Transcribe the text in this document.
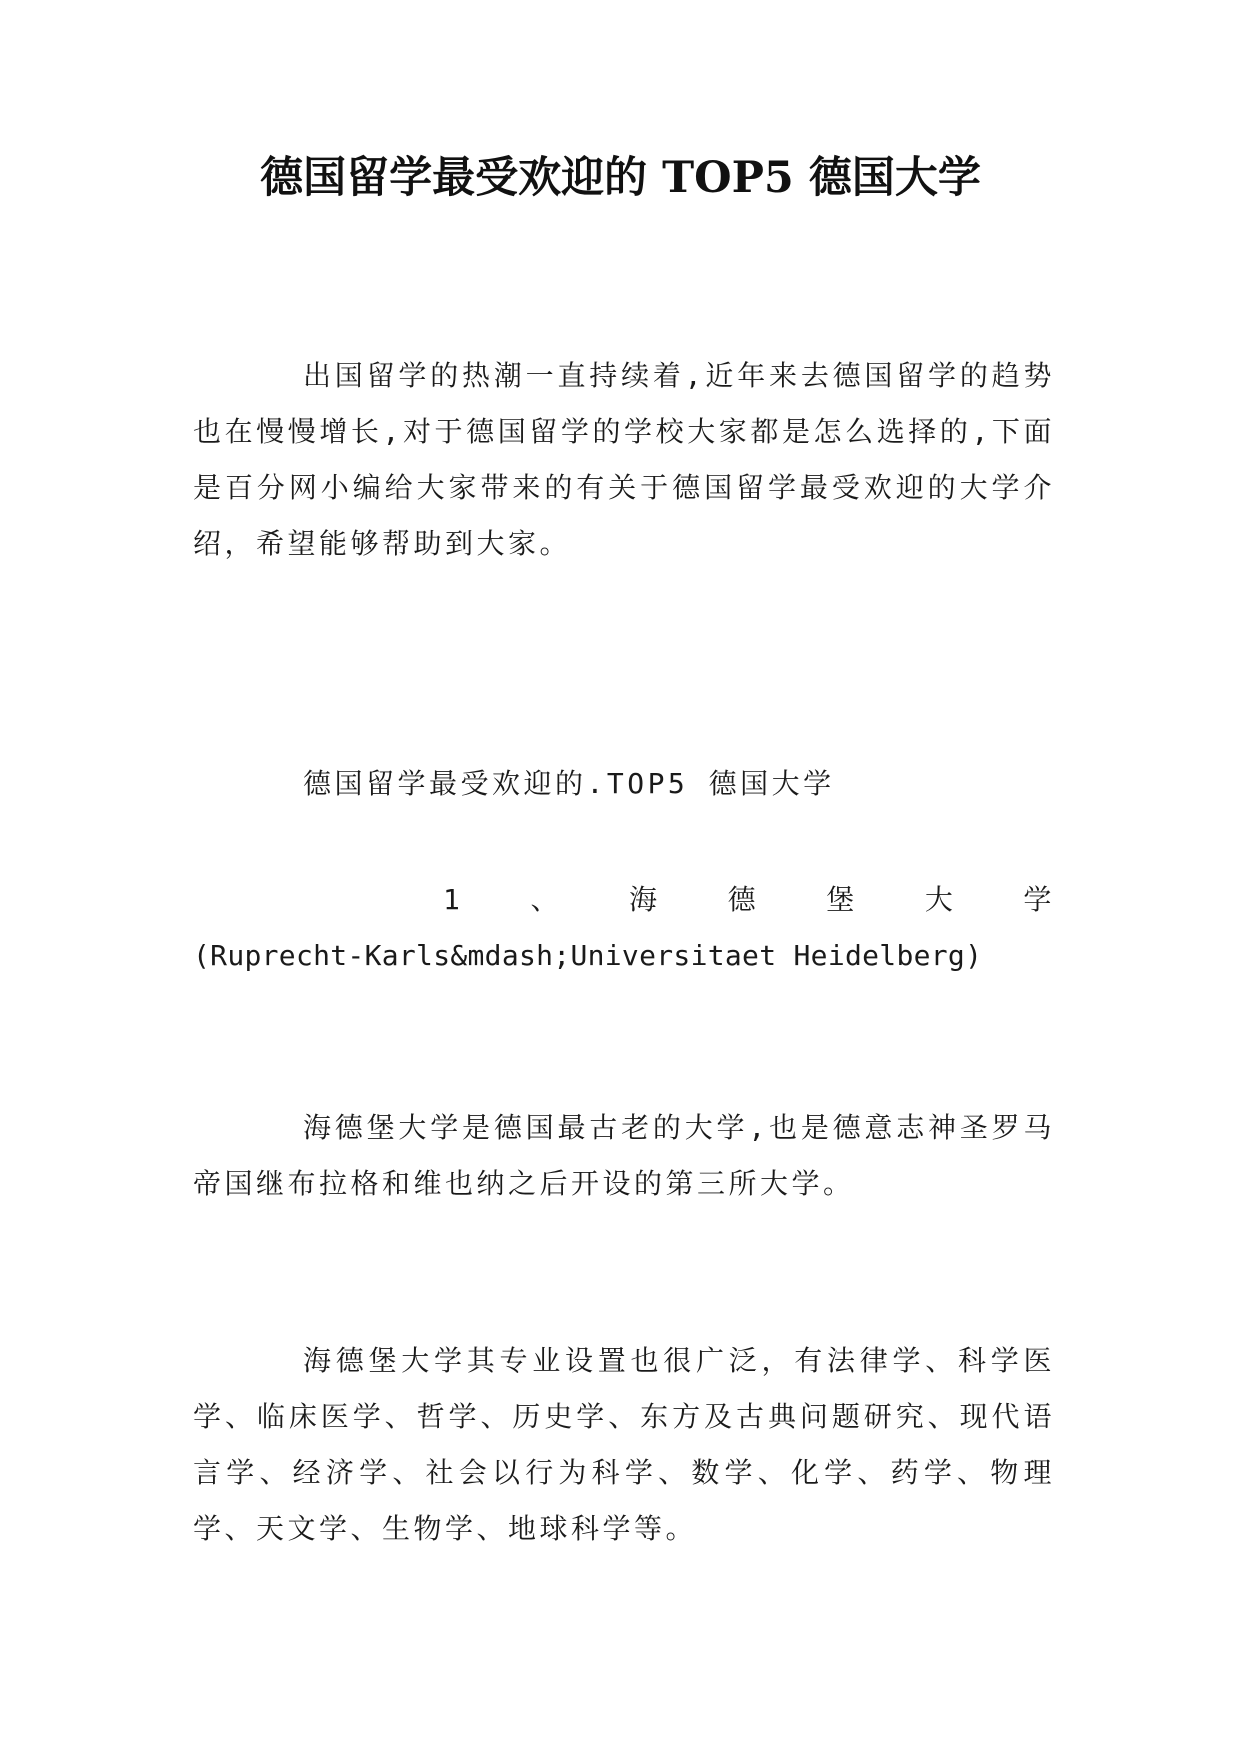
德国留学最受欢迎的 TOP5 德国大学

出国留学的热潮一直持续着,近年来去德国留学的趋势也在慢慢增长,对于德国留学的学校大家都是怎么选择的,下面是百分网小编给大家带来的有关于德国留学最受欢迎的大学介绍，希望能够帮助到大家。

德国留学最受欢迎的.TOP5 德国大学

1 、 海 德 堡 大 学
(Ruprecht-Karls&mdash;Universitaet Heidelberg)

海德堡大学是德国最古老的大学,也是德意志神圣罗马帝国继布拉格和维也纳之后开设的第三所大学。

海德堡大学其专业设置也很广泛，有法律学、科学医学、临床医学、哲学、历史学、东方及古典问题研究、现代语言学、经济学、社会以行为科学、数学、化学、药学、物理学、天文学、生物学、地球科学等。
